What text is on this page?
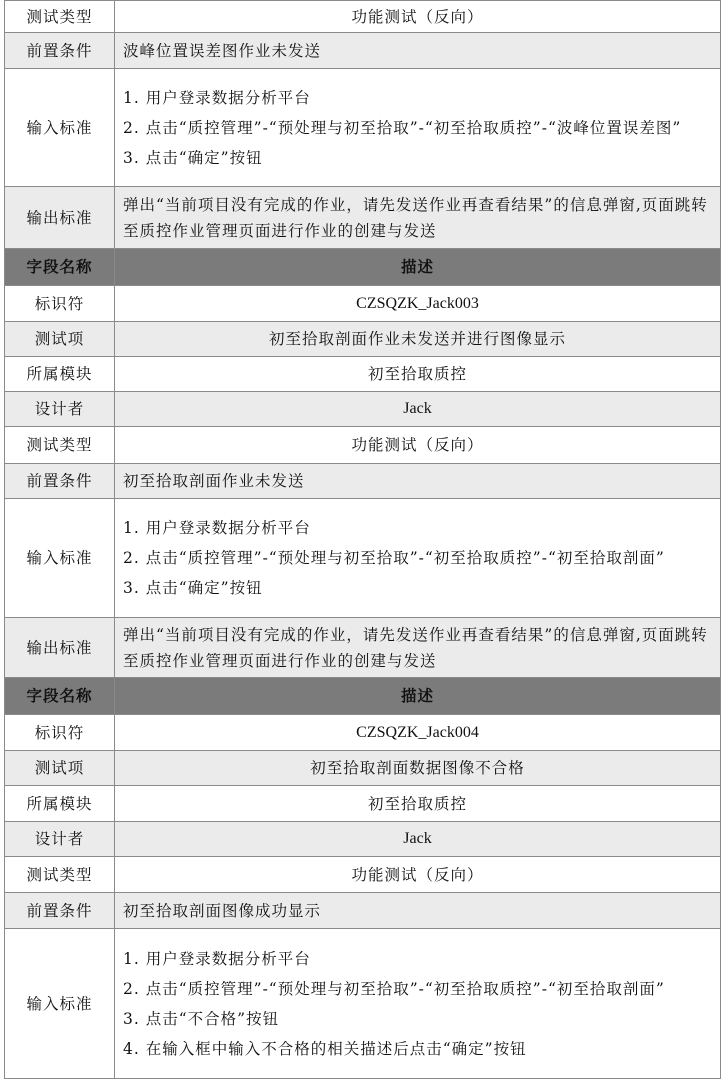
测试类型	功能测试（反向）
前置条件	波峰位置误差图作业未发送
输入标准	1. 用户登录数据分析平台
2. 点击“质控管理”-“预处理与初至拾取”-“初至拾取质控”-“波峰位置误差图”
3. 点击“确定”按钮

输出标准	弹出“当前项目没有完成的作业，请先发送作业再查看结果”的信息弹窗,页面跳转至质控作业管理页面进行作业的创建与发送
字段名称	描述
标识符	CZSQZK_Jack003
测试项	初至拾取剖面作业未发送并进行图像显示
所属模块	初至拾取质控
设计者	Jack
测试类型	功能测试（反向）
前置条件	初至拾取剖面作业未发送
输入标准	1. 用户登录数据分析平台
2. 点击“质控管理”-“预处理与初至拾取”-“初至拾取质控”-“初至拾取剖面”
3. 点击“确定”按钮

输出标准	弹出“当前项目没有完成的作业，请先发送作业再查看结果”的信息弹窗,页面跳转至质控作业管理页面进行作业的创建与发送
字段名称	描述
标识符	CZSQZK_Jack004
测试项	初至拾取剖面数据图像不合格
所属模块	初至拾取质控
设计者	Jack
测试类型	功能测试（反向）
前置条件	初至拾取剖面图像成功显示
输入标准	1. 用户登录数据分析平台
2. 点击“质控管理”-“预处理与初至拾取”-“初至拾取质控”-“初至拾取剖面”
3. 点击“不合格”按钮
4. 在输入框中输入不合格的相关描述后点击“确定”按钮
